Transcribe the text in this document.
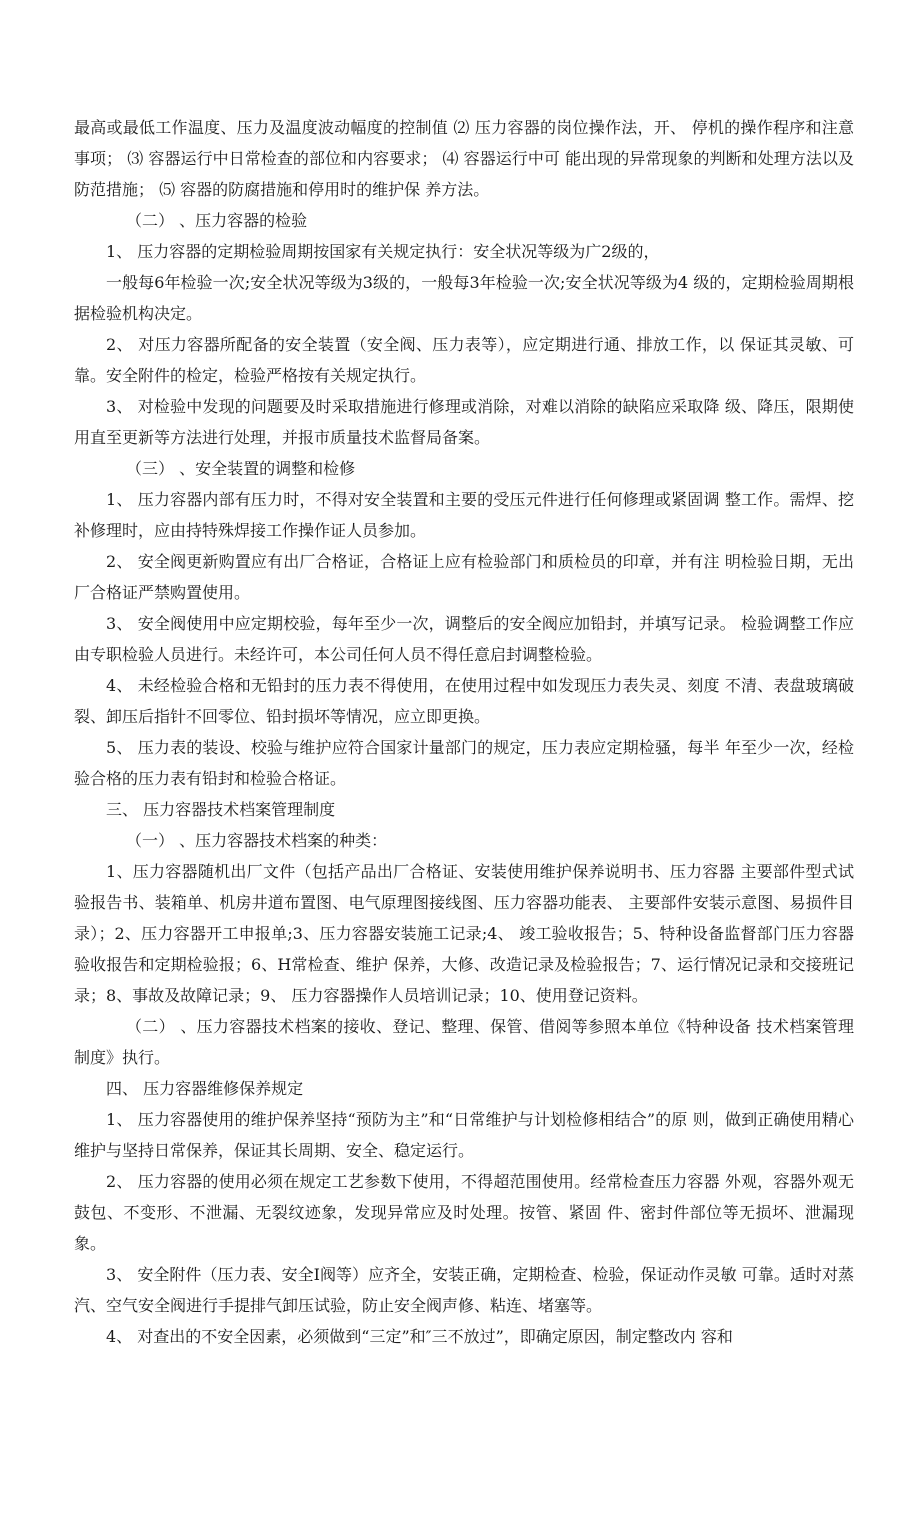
最高或最低工作温度、压力及温度波动幅度的控制值 ⑵ 压力容器的岗位操作法，开、 停机的操作程序和注意事项； ⑶ 容器运行中日常检查的部位和内容要求； ⑷ 容器运行中可 能出现的异常现象的判断和处理方法以及防范措施； ⑸ 容器的防腐措施和停用时的维护保 养方法。

（二） 、压力容器的检验

1、 压力容器的定期检验周期按国家有关规定执行：安全状况等级为广2级的，

一般每6年检验一次;安全状况等级为3级的，一般每3年检验一次;安全状况等级为4 级的，定期检验周期根据检验机构决定。

2、 对压力容器所配备的安全装置（安全阀、压力表等），应定期进行通、排放工作，以 保证其灵敏、可靠。安全附件的检定，检验严格按有关规定执行。

3、 对检验中发现的问题要及时采取措施进行修理或消除，对难以消除的缺陷应采取降 级、降压，限期使用直至更新等方法进行处理，并报市质量技术监督局备案。

（三） 、安全装置的调整和检修

1、 压力容器内部有压力时，不得对安全装置和主要的受压元件进行任何修理或紧固调 整工作。需焊、挖补修理时，应由持特殊焊接工作操作证人员参加。

2、 安全阀更新购置应有出厂合格证，合格证上应有检验部门和质检员的印章，并有注 明检验日期，无出厂合格证严禁购置使用。

3、 安全阀使用中应定期校验，每年至少一次，调整后的安全阀应加铅封，并填写记录。 检验调整工作应由专职检验人员进行。未经许可，本公司任何人员不得任意启封调整检验。

4、 未经检验合格和无铅封的压力表不得使用，在使用过程中如发现压力表失灵、刻度 不清、表盘玻璃破裂、卸压后指针不回零位、铅封损坏等情况，应立即更换。

5、 压力表的装设、校验与维护应符合国家计量部门的规定，压力表应定期检骚，每半 年至少一次，经检验合格的压力表有铅封和检验合格证。

三、 压力容器技术档案管理制度

（一） 、压力容器技术档案的种类：

1、压力容器随机出厂文件（包括产品出厂合格证、安装使用维护保养说明书、压力容器 主要部件型式试验报告书、装箱单、机房井道布置图、电气原理图接线图、压力容器功能表、 主要部件安装示意图、易损件目录）；2、压力容器开工申报单;3、压力容器安装施工记录;4、 竣工验收报告；5、特种设备监督部门压力容器验收报告和定期检验报；6、H常检查、维护 保养，大修、改造记录及检验报告；7、运行情况记录和交接班记录；8、事故及故障记录；9、 压力容器操作人员培训记录；10、使用登记资料。

（二） 、压力容器技术档案的接收、登记、整理、保管、借阅等参照本单位《特种设备 技术档案管理制度》执行。

四、 压力容器维修保养规定

1、 压力容器使用的维护保养坚持“预防为主”和“日常维护与计划检修相结合”的原 则，做到正确使用精心维护与坚持日常保养，保证其长周期、安全、稳定运行。

2、 压力容器的使用必须在规定工艺参数下使用，不得超范围使用。经常检查压力容器 外观，容器外观无鼓包、不变形、不泄漏、无裂纹迹象，发现异常应及时处理。按管、紧固 件、密封件部位等无损坏、泄漏现象。

3、 安全附件（压力表、安全I阀等）应齐全，安装正确，定期检查、检验，保证动作灵敏 可靠。适时对蒸汽、空气安全阀进行手提排气卸压试验，防止安全阀声修、粘连、堵塞等。

4、 对查出的不安全因素，必须做到“三定”和″三不放过”，即确定原因，制定整改内 容和
